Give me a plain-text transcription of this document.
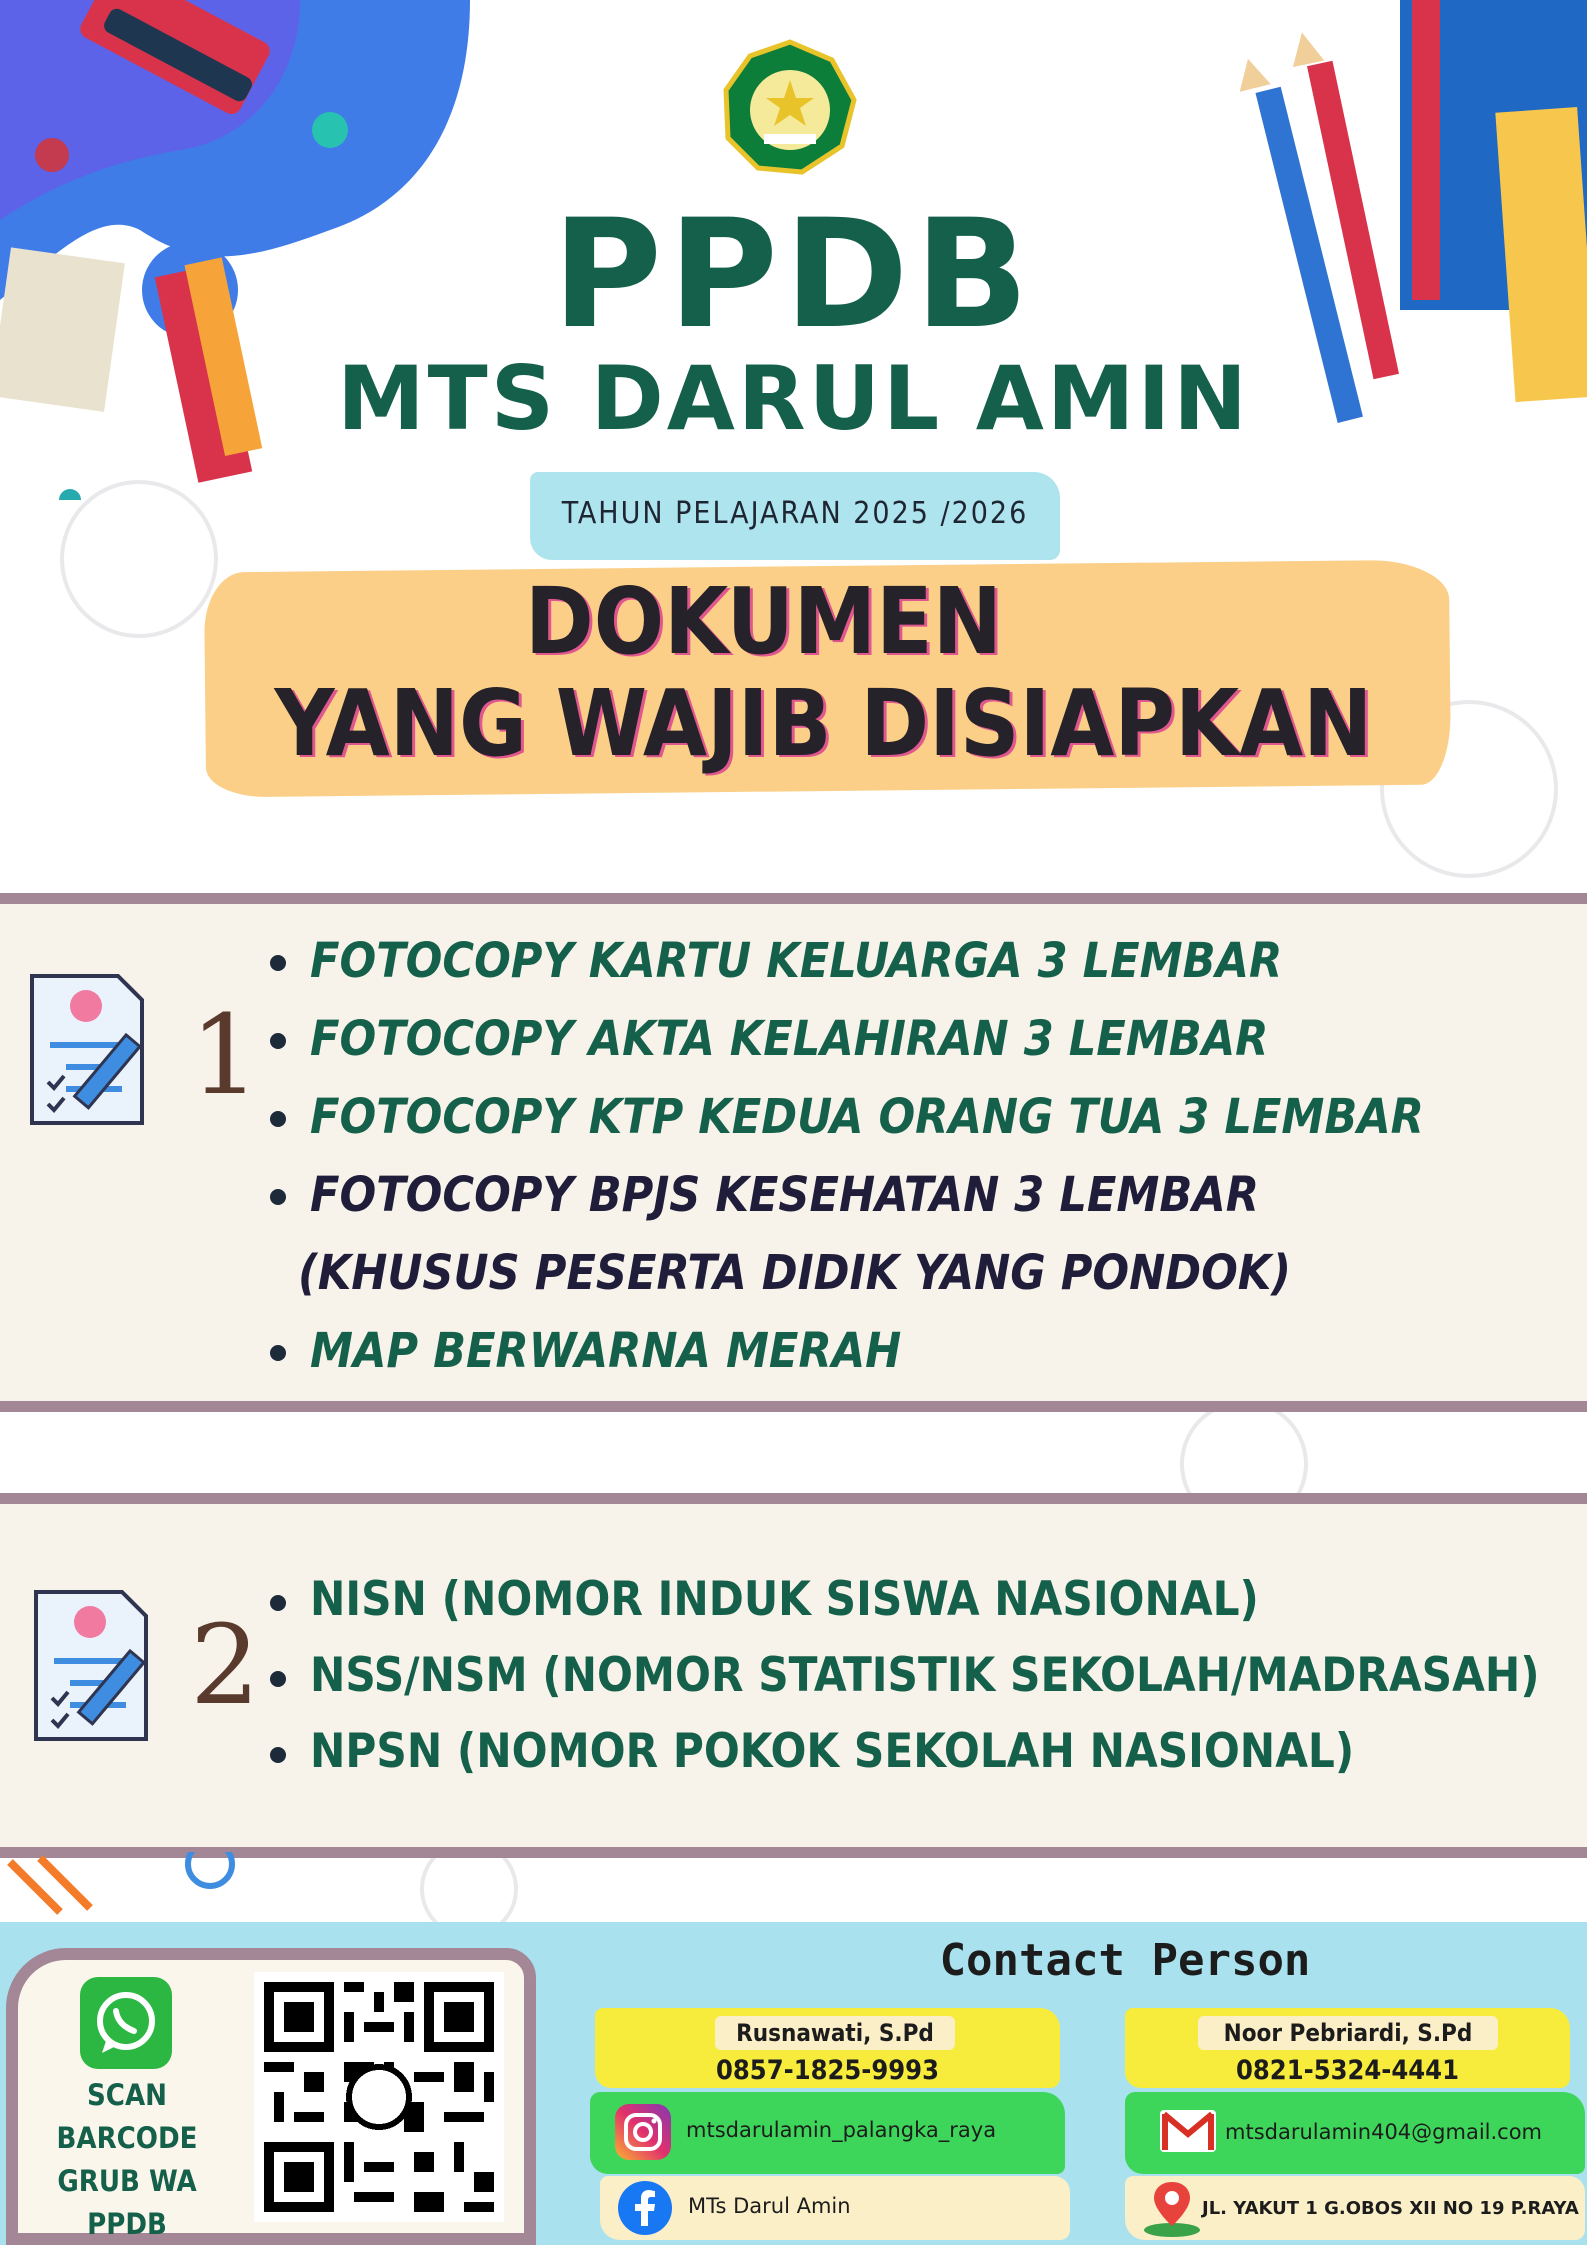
PPDB
MTS DARUL AMIN
TAHUN PELAJARAN 2025 /2026
DOKUMEN
YANG WAJIB DISIAPKAN
1
FOTOCOPY KARTU KELUARGA 3 LEMBAR
FOTOCOPY AKTA KELAHIRAN 3 LEMBAR
FOTOCOPY KTP KEDUA ORANG TUA 3 LEMBAR
FOTOCOPY BPJS KESEHATAN 3 LEMBAR
(KHUSUS PESERTA DIDIK YANG PONDOK)
MAP BERWARNA MERAH
2
NISN (NOMOR INDUK SISWA NASIONAL)
NSS/NSM (NOMOR STATISTIK SEKOLAH/MADRASAH)
NPSN (NOMOR POKOK SEKOLAH NASIONAL)
SCAN
BARCODE
GRUB WA PPDB
Contact Person
Rusnawati, S.Pd
0857-1825-9993
Noor Pebriardi, S.Pd
0821-5324-4441
mtsdarulamin_palangka_raya	mtsdarulamin404@gmail.com
MTs Darul Amin	JL. YAKUT 1 G.OBOS XII NO 19 P.RAYA
